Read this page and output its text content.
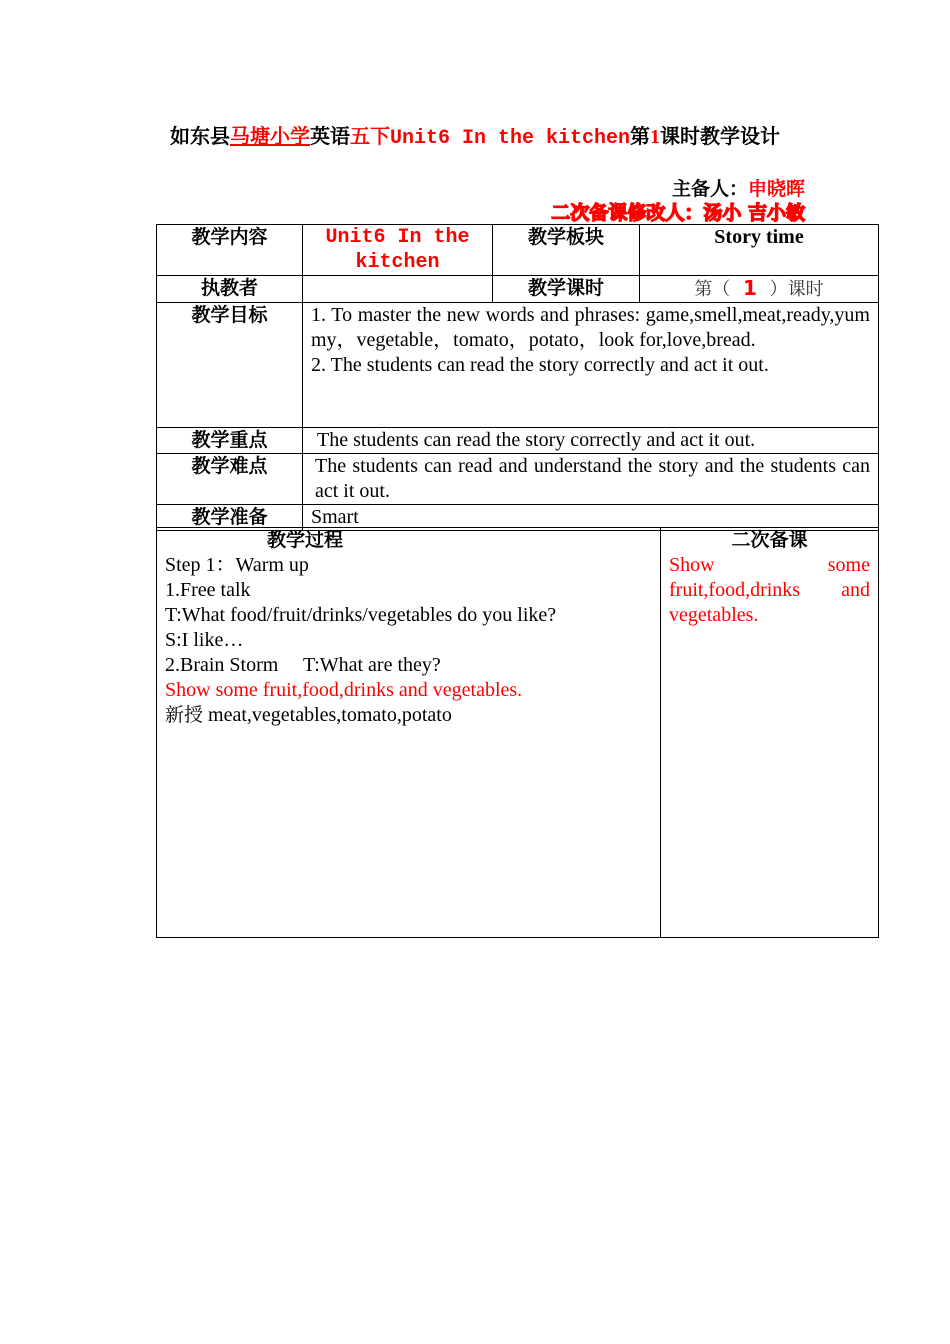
如东县马塘小学英语五下Unit6 In the kitchen第1课时教学设计
主备人：申晓晖
二次备课修改人：汤小 吉小敏
教学内容	Unit6 In the kitchen	教学板块	Story time
执教者		教学课时	第（ 1 ）课时
教学目标	1. To master the new words and phrases: game,smell,meat,ready,yummy，vegetable，tomato，potato，look for,love,bread.
2. The students can read the story correctly and act it out.		

教学重点	The students can read the story correctly and act it out.		
教学难点	The students can read and understand the story and the students can act it out.		
教学准备	Smart		
教学过程
Step 1：Warm up
1.Free talk
T:What food/fruit/drinks/vegetables do you like?
S:I like…
2.Brain Storm     T:What are they?
Show some fruit,food,drinks and vegetables.
新授 meat,vegetables,tomato,potato

二次备课
Show some fruit,food,drinks and vegetables.
